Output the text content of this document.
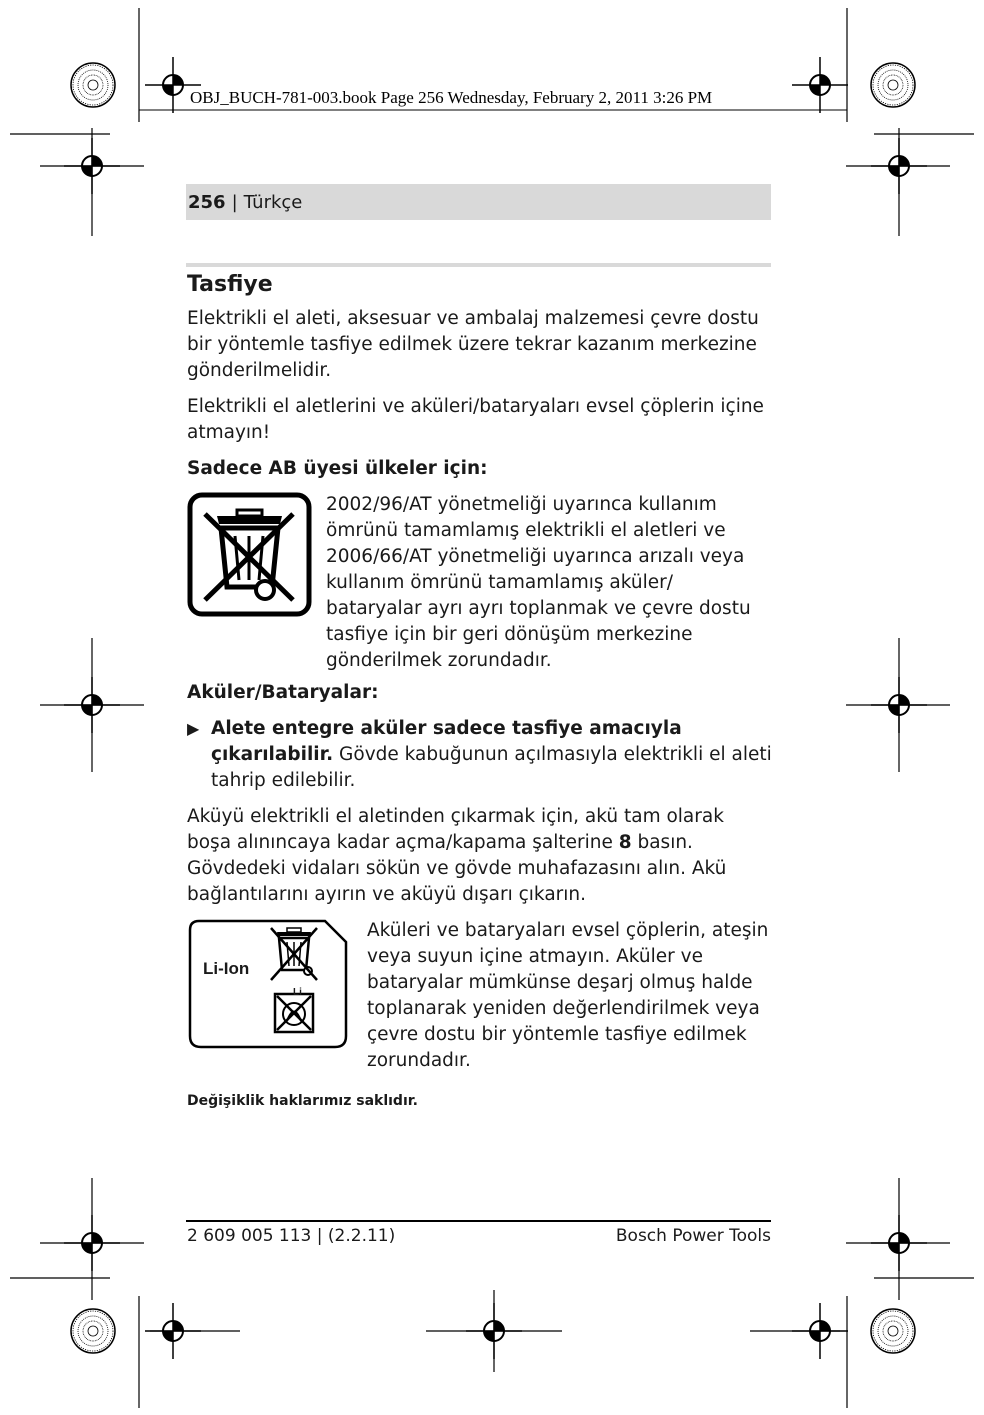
OBJ_BUCH-781-003.book Page 256 Wednesday, February 2, 2011 3:26 PM
256 | Türkçe
Tasfiye

Elektrikli el aleti, aksesuar ve ambalaj malzemesi çevre dostu bir yöntemle tasfiye edilmek üzere tekrar kazanım merkezine gönderilmelidir.

Elektrikli el aletlerini ve aküleri/bataryaları evsel çöplerin içine atmayın!

Sadece AB üyesi ülkeler için:
2002/96/AT yönetmeliği uyarınca kullanım ömrünü tamamlamış elektrikli el aletleri ve 2006/66/AT yönetmeliği uyarınca arızalı veya kullanım ömrünü tamamlamış aküler/ bataryalar ayrı ayrı toplanmak ve çevre dostu tasfiye için bir geri dönüşüm merkezine gönderilmek zorundadır.
Aküler/Bataryalar:
▶ Alete entegre aküler sadece tasfiye amacıyla çıkarılabilir. Gövde kabuğunun açılmasıyla elektrikli el aleti tahrip edilebilir.

Aküyü elektrikli el aletinden çıkarmak için, akü tam olarak boşa alınıncaya kadar açma/kapama şalterine 8 basın. Gövdedeki vidaları sökün ve gövde muhafazasını alın. Akü bağlantılarını ayırın ve aküyü dışarı çıkarın.

Li-Ion
Li
Aküleri ve bataryaları evsel çöplerin, ateşin veya suyun içine atmayın. Aküler ve bataryalar mümkünse deşarj olmuş halde toplanarak yeniden değerlendirilmek veya çevre dostu bir yöntemle tasfiye edilmek zorundadır.
Değişiklik haklarımız saklıdır.
2 609 005 113 | (2.2.11)	Bosch Power Tools
